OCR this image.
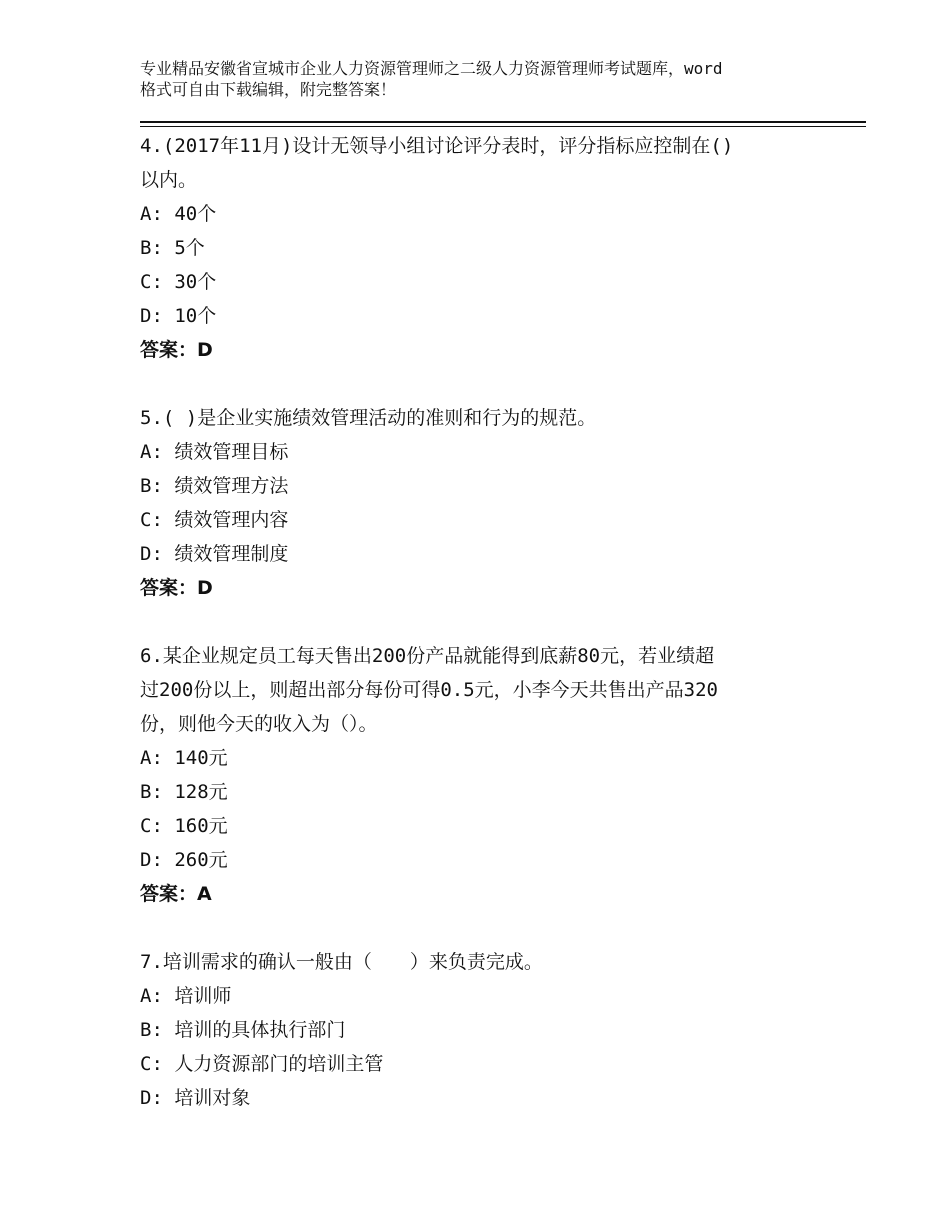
专业精品安徽省宣城市企业人力资源管理师之二级人力资源管理师考试题库，word
格式可自由下载编辑，附完整答案！
4.(2017年11月)设计无领导小组讨论评分表时，评分指标应控制在()
以内。
A: 40个
B: 5个
C: 30个
D: 10个
答案：D
5.( )是企业实施绩效管理活动的准则和行为的规范。
A: 绩效管理目标
B: 绩效管理方法
C: 绩效管理内容
D: 绩效管理制度
答案：D
6.某企业规定员工每天售出200份产品就能得到底薪80元，若业绩超
过200份以上，则超出部分每份可得0.5元，小李今天共售出产品320
份，则他今天的收入为（）。
A: 140元
B: 128元
C: 160元
D: 260元
答案：A
7.培训需求的确认一般由（　　）来负责完成。
A: 培训师
B: 培训的具体执行部门
C: 人力资源部门的培训主管
D: 培训对象
